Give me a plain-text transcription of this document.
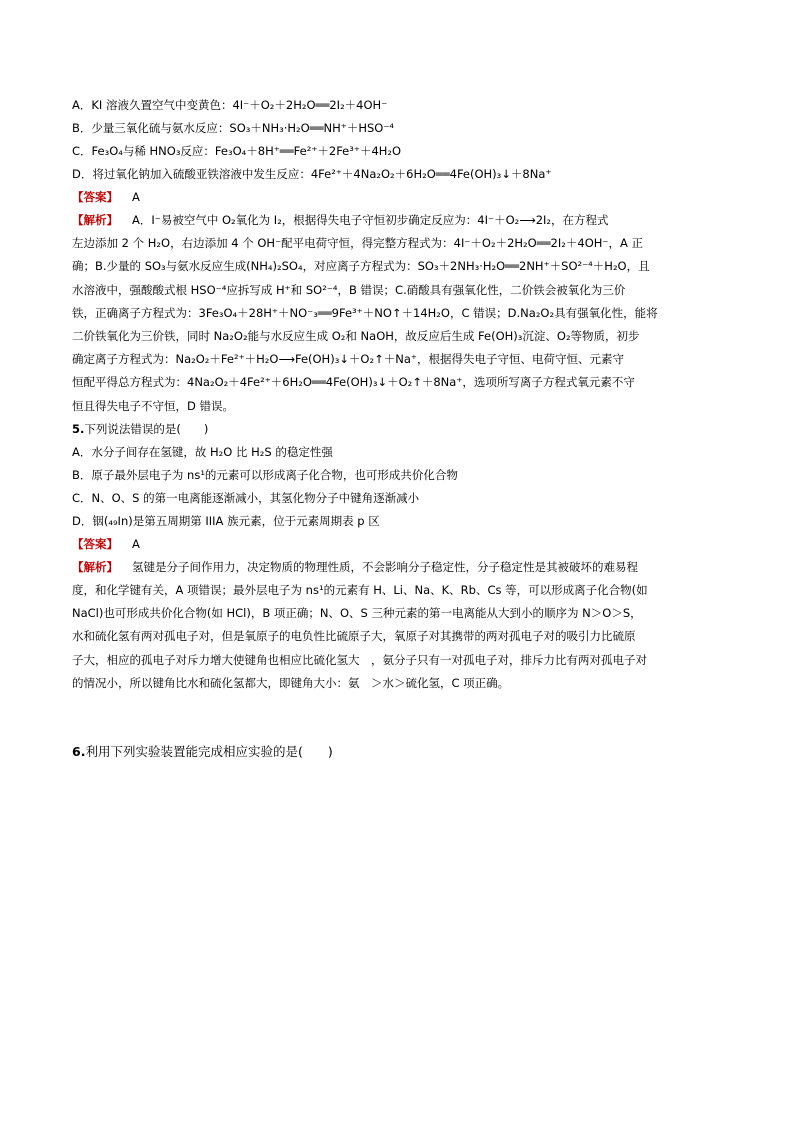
A．KI 溶液久置空气中变黄色：4I⁻＋O₂＋2H₂O══2I₂＋4OH⁻
B．少量三氧化硫与氨水反应：SO₃＋NH₃·H₂O══NH⁺＋HSO⁻⁴
C．Fe₃O₄与稀 HNO₃反应：Fe₃O₄＋8H⁺══Fe²⁺＋2Fe³⁺＋4H₂O
D．将过氧化钠加入硫酸亚铁溶液中发生反应：4Fe²⁺＋4Na₂O₂＋6H₂O══4Fe(OH)₃↓＋8Na⁺
【答案】 A
【解析】 A．I⁻易被空气中 O₂氧化为 I₂，根据得失电子守恒初步确定反应为：4I⁻＋O₂⟶2I₂，在方程式
左边添加 2 个 H₂O，右边添加 4 个 OH⁻配平电荷守恒，得完整方程式为：4I⁻＋O₂＋2H₂O══2I₂＋4OH⁻，A 正
确；B.少量的 SO₃与氨水反应生成(NH₄)₂SO₄，对应离子方程式为：SO₃＋2NH₃·H₂O══2NH⁺＋SO²⁻⁴＋H₂O，且
水溶液中，强酸酸式根 HSO⁻⁴应拆写成 H⁺和 SO²⁻⁴，B 错误；C.硝酸具有强氧化性，二价铁会被氧化为三价
铁，正确离子方程式为：3Fe₃O₄＋28H⁺＋NO⁻₃══9Fe³⁺＋NO↑＋14H₂O，C 错误；D.Na₂O₂具有强氧化性，能将
二价铁氧化为三价铁，同时 Na₂O₂能与水反应生成 O₂和 NaOH，故反应后生成 Fe(OH)₃沉淀、O₂等物质，初步
确定离子方程式为：Na₂O₂＋Fe²⁺＋H₂O⟶Fe(OH)₃↓＋O₂↑＋Na⁺，根据得失电子守恒、电荷守恒、元素守
恒配平得总方程式为：4Na₂O₂＋4Fe²⁺＋6H₂O══4Fe(OH)₃↓＋O₂↑＋8Na⁺，选项所写离子方程式氧元素不守
恒且得失电子不守恒，D 错误。
5.下列说法错误的是(　　)
A．水分子间存在氢键，故 H₂O 比 H₂S 的稳定性强
B．原子最外层电子为 ns¹的元素可以形成离子化合物，也可形成共价化合物
C．N、O、S 的第一电离能逐渐减小，其氢化物分子中键角逐渐减小
D．铟(₄₉In)是第五周期第 IIIA 族元素，位于元素周期表 p 区
【答案】 A
【解析】 氢键是分子间作用力，决定物质的物理性质，不会影响分子稳定性，分子稳定性是其被破坏的难易程
度，和化学键有关，A 项错误；最外层电子为 ns¹的元素有 H、Li、Na、K、Rb、Cs 等，可以形成离子化合物(如
NaCl)也可形成共价化合物(如 HCl)，B 项正确；N、O、S 三种元素的第一电离能从大到小的顺序为 N＞O＞S，
水和硫化氢有两对孤电子对，但是氧原子的电负性比硫原子大，氧原子对其携带的两对孤电子对的吸引力比硫原
子大，相应的孤电子对斥力增大使键角也相应比硫化氢大　，氨分子只有一对孤电子对，排斥力比有两对孤电子对
的情况小，所以键角比水和硫化氢都大，即键角大小：氨　＞水＞硫化氢，C 项正确。
6.利用下列实验装置能完成相应实验的是(　　)
